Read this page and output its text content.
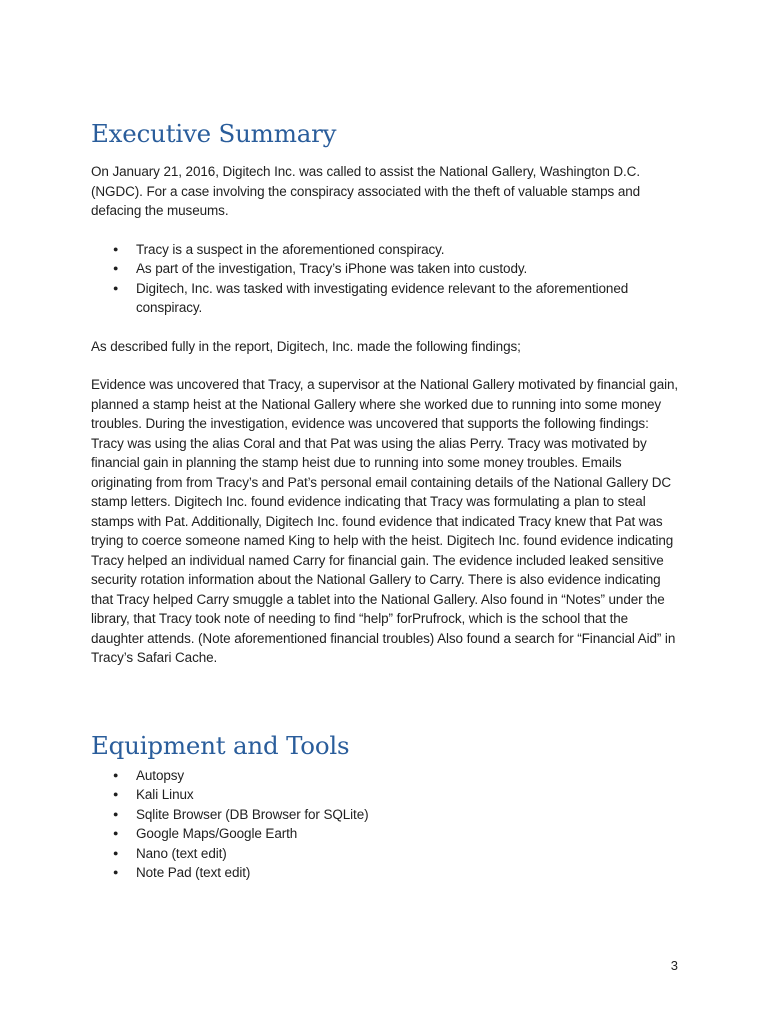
Executive Summary

On January 21, 2016, Digitech Inc. was called to assist the National Gallery, Washington D.C. (NGDC). For a case involving the conspiracy associated with the theft of valuable stamps and defacing the museums.

● Tracy is a suspect in the aforementioned conspiracy.
● As part of the investigation, Tracy’s iPhone was taken into custody.
● Digitech, Inc. was tasked with investigating evidence relevant to the aforementioned conspiracy.

As described fully in the report, Digitech, Inc. made the following findings;

Evidence was uncovered that Tracy, a supervisor at the National Gallery motivated by financial gain, planned a stamp heist at the National Gallery where she worked due to running into some money troubles. During the investigation, evidence was uncovered that supports the following findings: Tracy was using the alias Coral and that Pat was using the alias Perry. Tracy was motivated by financial gain in planning the stamp heist due to running into some money troubles. Emails originating from from Tracy’s and Pat’s personal email containing details of the National Gallery DC stamp letters. Digitech Inc. found evidence indicating that Tracy was formulating a plan to steal stamps with Pat. Additionally, Digitech Inc. found evidence that indicated Tracy knew that Pat was trying to coerce someone named King to help with the heist. Digitech Inc. found evidence indicating Tracy helped an individual named Carry for financial gain. The evidence included leaked sensitive security rotation information about the National Gallery to Carry. There is also evidence indicating that Tracy helped Carry smuggle a tablet into the National Gallery. Also found in “Notes” under the library, that Tracy took note of needing to find “help” forPrufrock, which is the school that the daughter attends. (Note aforementioned financial troubles) Also found a search for “Financial Aid” in Tracy’s Safari Cache.

Equipment and Tools
● Autopsy
● Kali Linux
● Sqlite Browser (DB Browser for SQLite)
● Google Maps/Google Earth
● Nano (text edit)
● Note Pad (text edit)
3
